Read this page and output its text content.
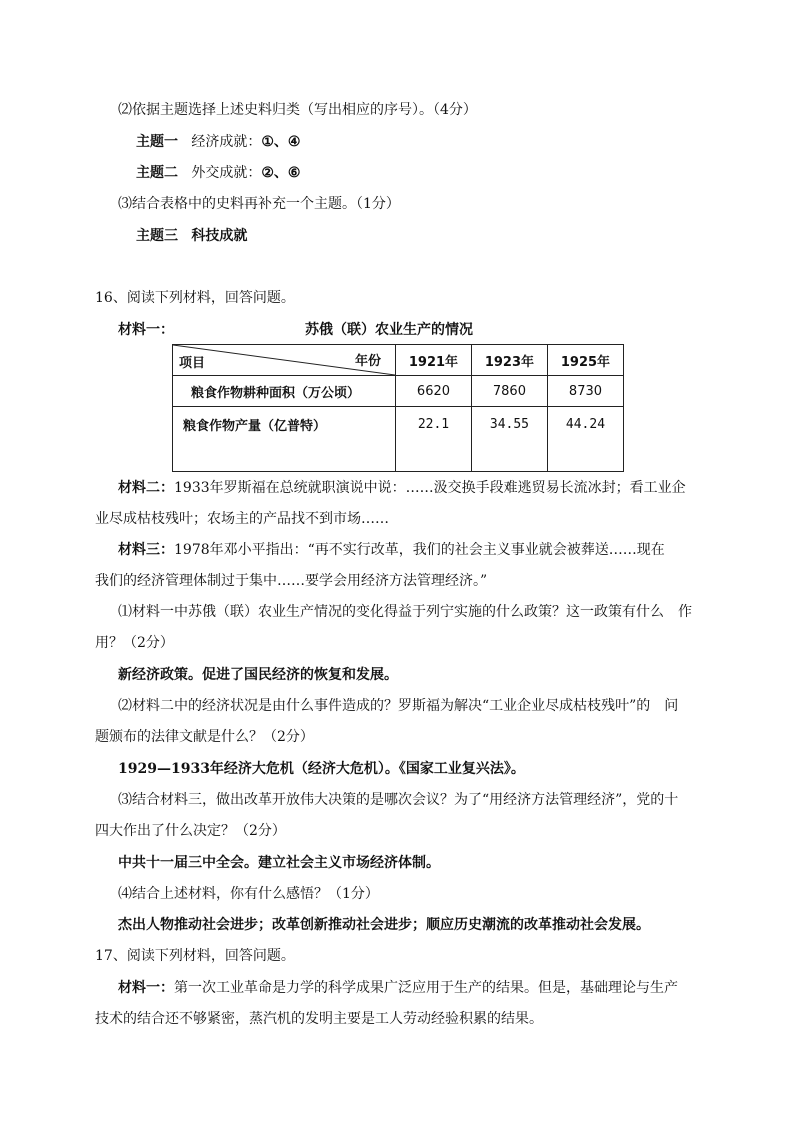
⑵依据主题选择上述史料归类（写出相应的序号）。（4分）
主题一 经济成就：①、④
主题二 外交成就：②、⑥
⑶结合表格中的史料再补充一个主题。（1分）
主题三 科技成就
16、阅读下列材料，回答问题。
材料一：	苏俄（联）农业生产的情况
项目 年份	1921年	1923年	1925年
粮食作物耕种面积（万公顷）	6620	7860	8730
粮食作物产量（亿普特）	22.1	34.55	44.24
材料二：1933年罗斯福在总统就职演说中说：……汲交换手段难逃贸易长流冰封；看工业企
业尽成枯枝残叶；农场主的产品找不到市场……
材料三：1978年邓小平指出：“再不实行改革，我们的社会主义事业就会被葬送……现在
我们的经济管理体制过于集中……要学会用经济方法管理经济。”
⑴材料一中苏俄（联）农业生产情况的变化得益于列宁实施的什么政策？这一政策有什么　作
用？（2分）
新经济政策。促进了国民经济的恢复和发展。
⑵材料二中的经济状况是由什么事件造成的？罗斯福为解决“工业企业尽成枯枝残叶”的　问
题颁布的法律文献是什么？（2分）
1929—1933年经济大危机（经济大危机）。《国家工业复兴法》。
⑶结合材料三，做出改革开放伟大决策的是哪次会议？为了“用经济方法管理经济”，党的十
四大作出了什么决定？（2分）
中共十一届三中全会。建立社会主义市场经济体制。
⑷结合上述材料，你有什么感悟？（1分）
杰出人物推动社会进步；改革创新推动社会进步；顺应历史潮流的改革推动社会发展。
17、阅读下列材料，回答问题。
材料一：第一次工业革命是力学的科学成果广泛应用于生产的结果。但是，基础理论与生产
技术的结合还不够紧密，蒸汽机的发明主要是工人劳动经验积累的结果。
